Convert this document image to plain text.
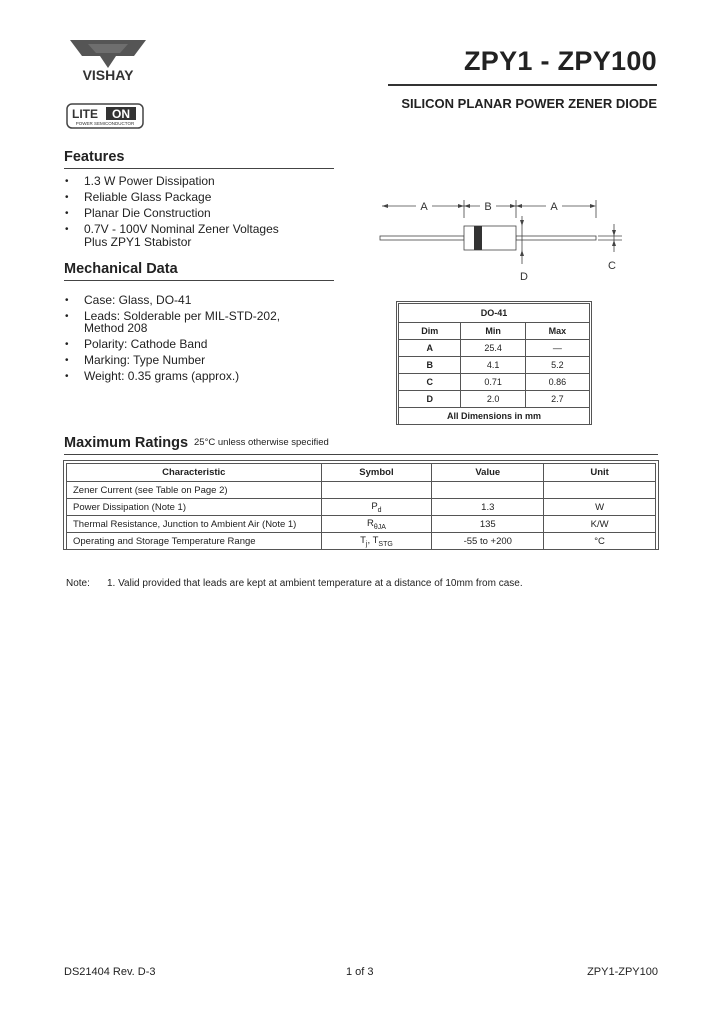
VISHAY
LITE ON
POWER SEMICONDUCTOR
ZPY1 - ZPY100
SILICON PLANAR POWER ZENER DIODE
Features
• 1.3 W Power Dissipation
• Reliable Glass Package
• Planar Die Construction
• 0.7V - 100V Nominal Zener Voltages
Plus ZPY1 Stabistor
Mechanical Data
• Case: Glass, DO-41
• Leads: Solderable per MIL-STD-202,
Method 208
• Polarity: Cathode Band
• Marking: Type Number
• Weight: 0.35 grams (approx.)
A	B	A
C
D
DO-41		
Dim	Min	Max
A	25.4	—
B	4.1	5.2
C	0.71	0.86
D	2.0	2.7
All Dimensions in mm		
Maximum Ratings 25°C unless otherwise specified
Characteristic	Symbol	Value	Unit
Zener Current (see Table on Page 2)			
Power Dissipation (Note 1)	$P_d$	1.3	W
Thermal Resistance, Junction to Ambient Air (Note 1)	$R_{\theta JA}$	135	K/W
Operating and Storage Temperature Range	$T_j$, $T_{STG}$	-55 to +200	°C
Note: 1. Valid provided that leads are kept at ambient temperature at a distance of 10mm from case.
DS21404 Rev. D-3	1 of 3	ZPY1-ZPY100
